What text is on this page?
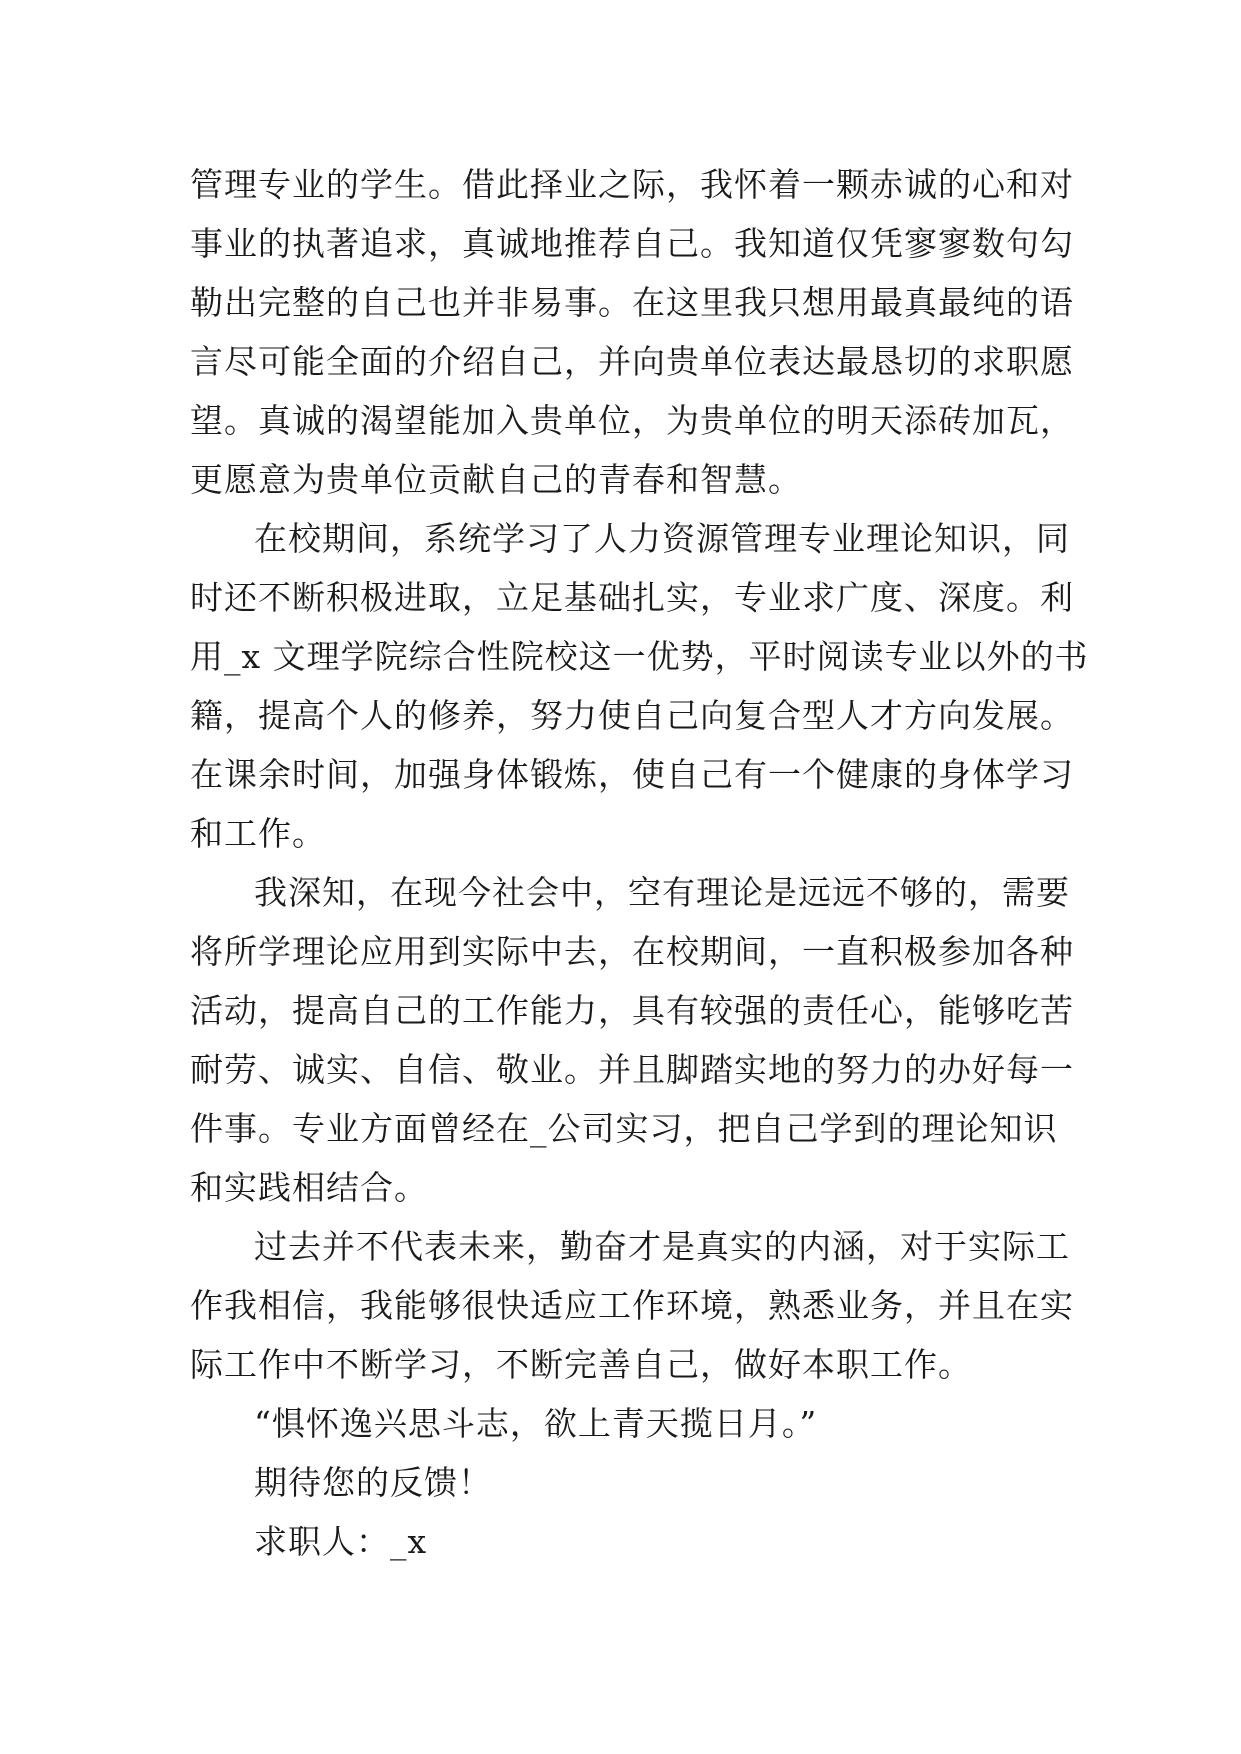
管理专业的学生。借此择业之际，我怀着一颗赤诚的心和对
事业的执著追求，真诚地推荐自己。我知道仅凭寥寥数句勾
勒出完整的自己也并非易事。在这里我只想用最真最纯的语
言尽可能全面的介绍自己，并向贵单位表达最恳切的求职愿
望。真诚的渴望能加入贵单位，为贵单位的明天添砖加瓦，
更愿意为贵单位贡献自己的青春和智慧。
在校期间，系统学习了人力资源管理专业理论知识，同
时还不断积极进取，立足基础扎实，专业求广度、深度。利
用_x 文理学院综合性院校这一优势，平时阅读专业以外的书
籍，提高个人的修养，努力使自己向复合型人才方向发展。
在课余时间，加强身体锻炼，使自己有一个健康的身体学习
和工作。
我深知，在现今社会中，空有理论是远远不够的，需要
将所学理论应用到实际中去，在校期间，一直积极参加各种
活动，提高自己的工作能力，具有较强的责任心，能够吃苦
耐劳、诚实、自信、敬业。并且脚踏实地的努力的办好每一
件事。专业方面曾经在_公司实习，把自己学到的理论知识
和实践相结合。
过去并不代表未来，勤奋才是真实的内涵，对于实际工
作我相信，我能够很快适应工作环境，熟悉业务，并且在实
际工作中不断学习，不断完善自己，做好本职工作。
“惧怀逸兴思斗志，欲上青天揽日月。”
期待您的反馈！
求职人：_x
